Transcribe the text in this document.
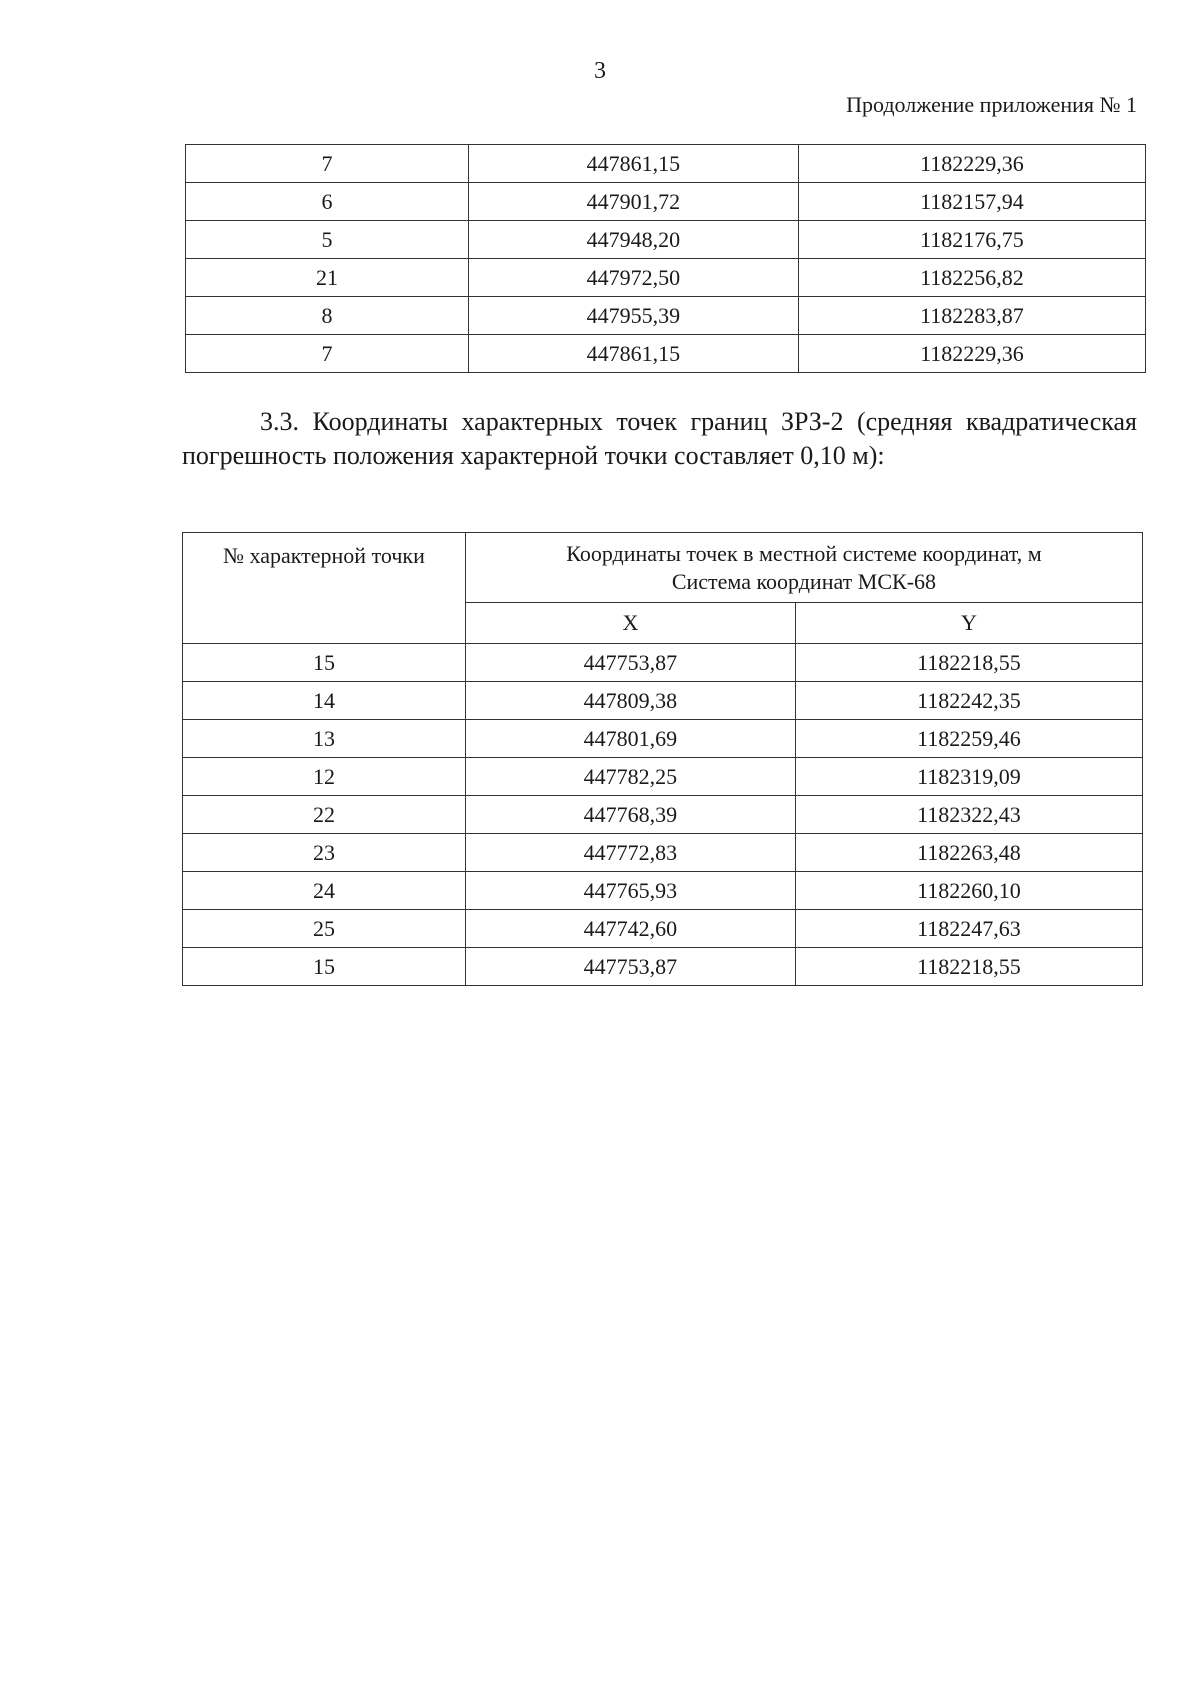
3
Продолжение приложения № 1
7	447861,15	1182229,36
6	447901,72	1182157,94
5	447948,20	1182176,75
21	447972,50	1182256,82
8	447955,39	1182283,87
7	447861,15	1182229,36
3.3. Координаты характерных точек границ ЗРЗ-2 (средняя квадратическая погрешность положения характерной точки составляет 0,10 м):
№ характерной точки	Координаты точек в местной системе координат, м
Система координат МСК-68	
	X	Y
15	447753,87	1182218,55
14	447809,38	1182242,35
13	447801,69	1182259,46
12	447782,25	1182319,09
22	447768,39	1182322,43
23	447772,83	1182263,48
24	447765,93	1182260,10
25	447742,60	1182247,63
15	447753,87	1182218,55
